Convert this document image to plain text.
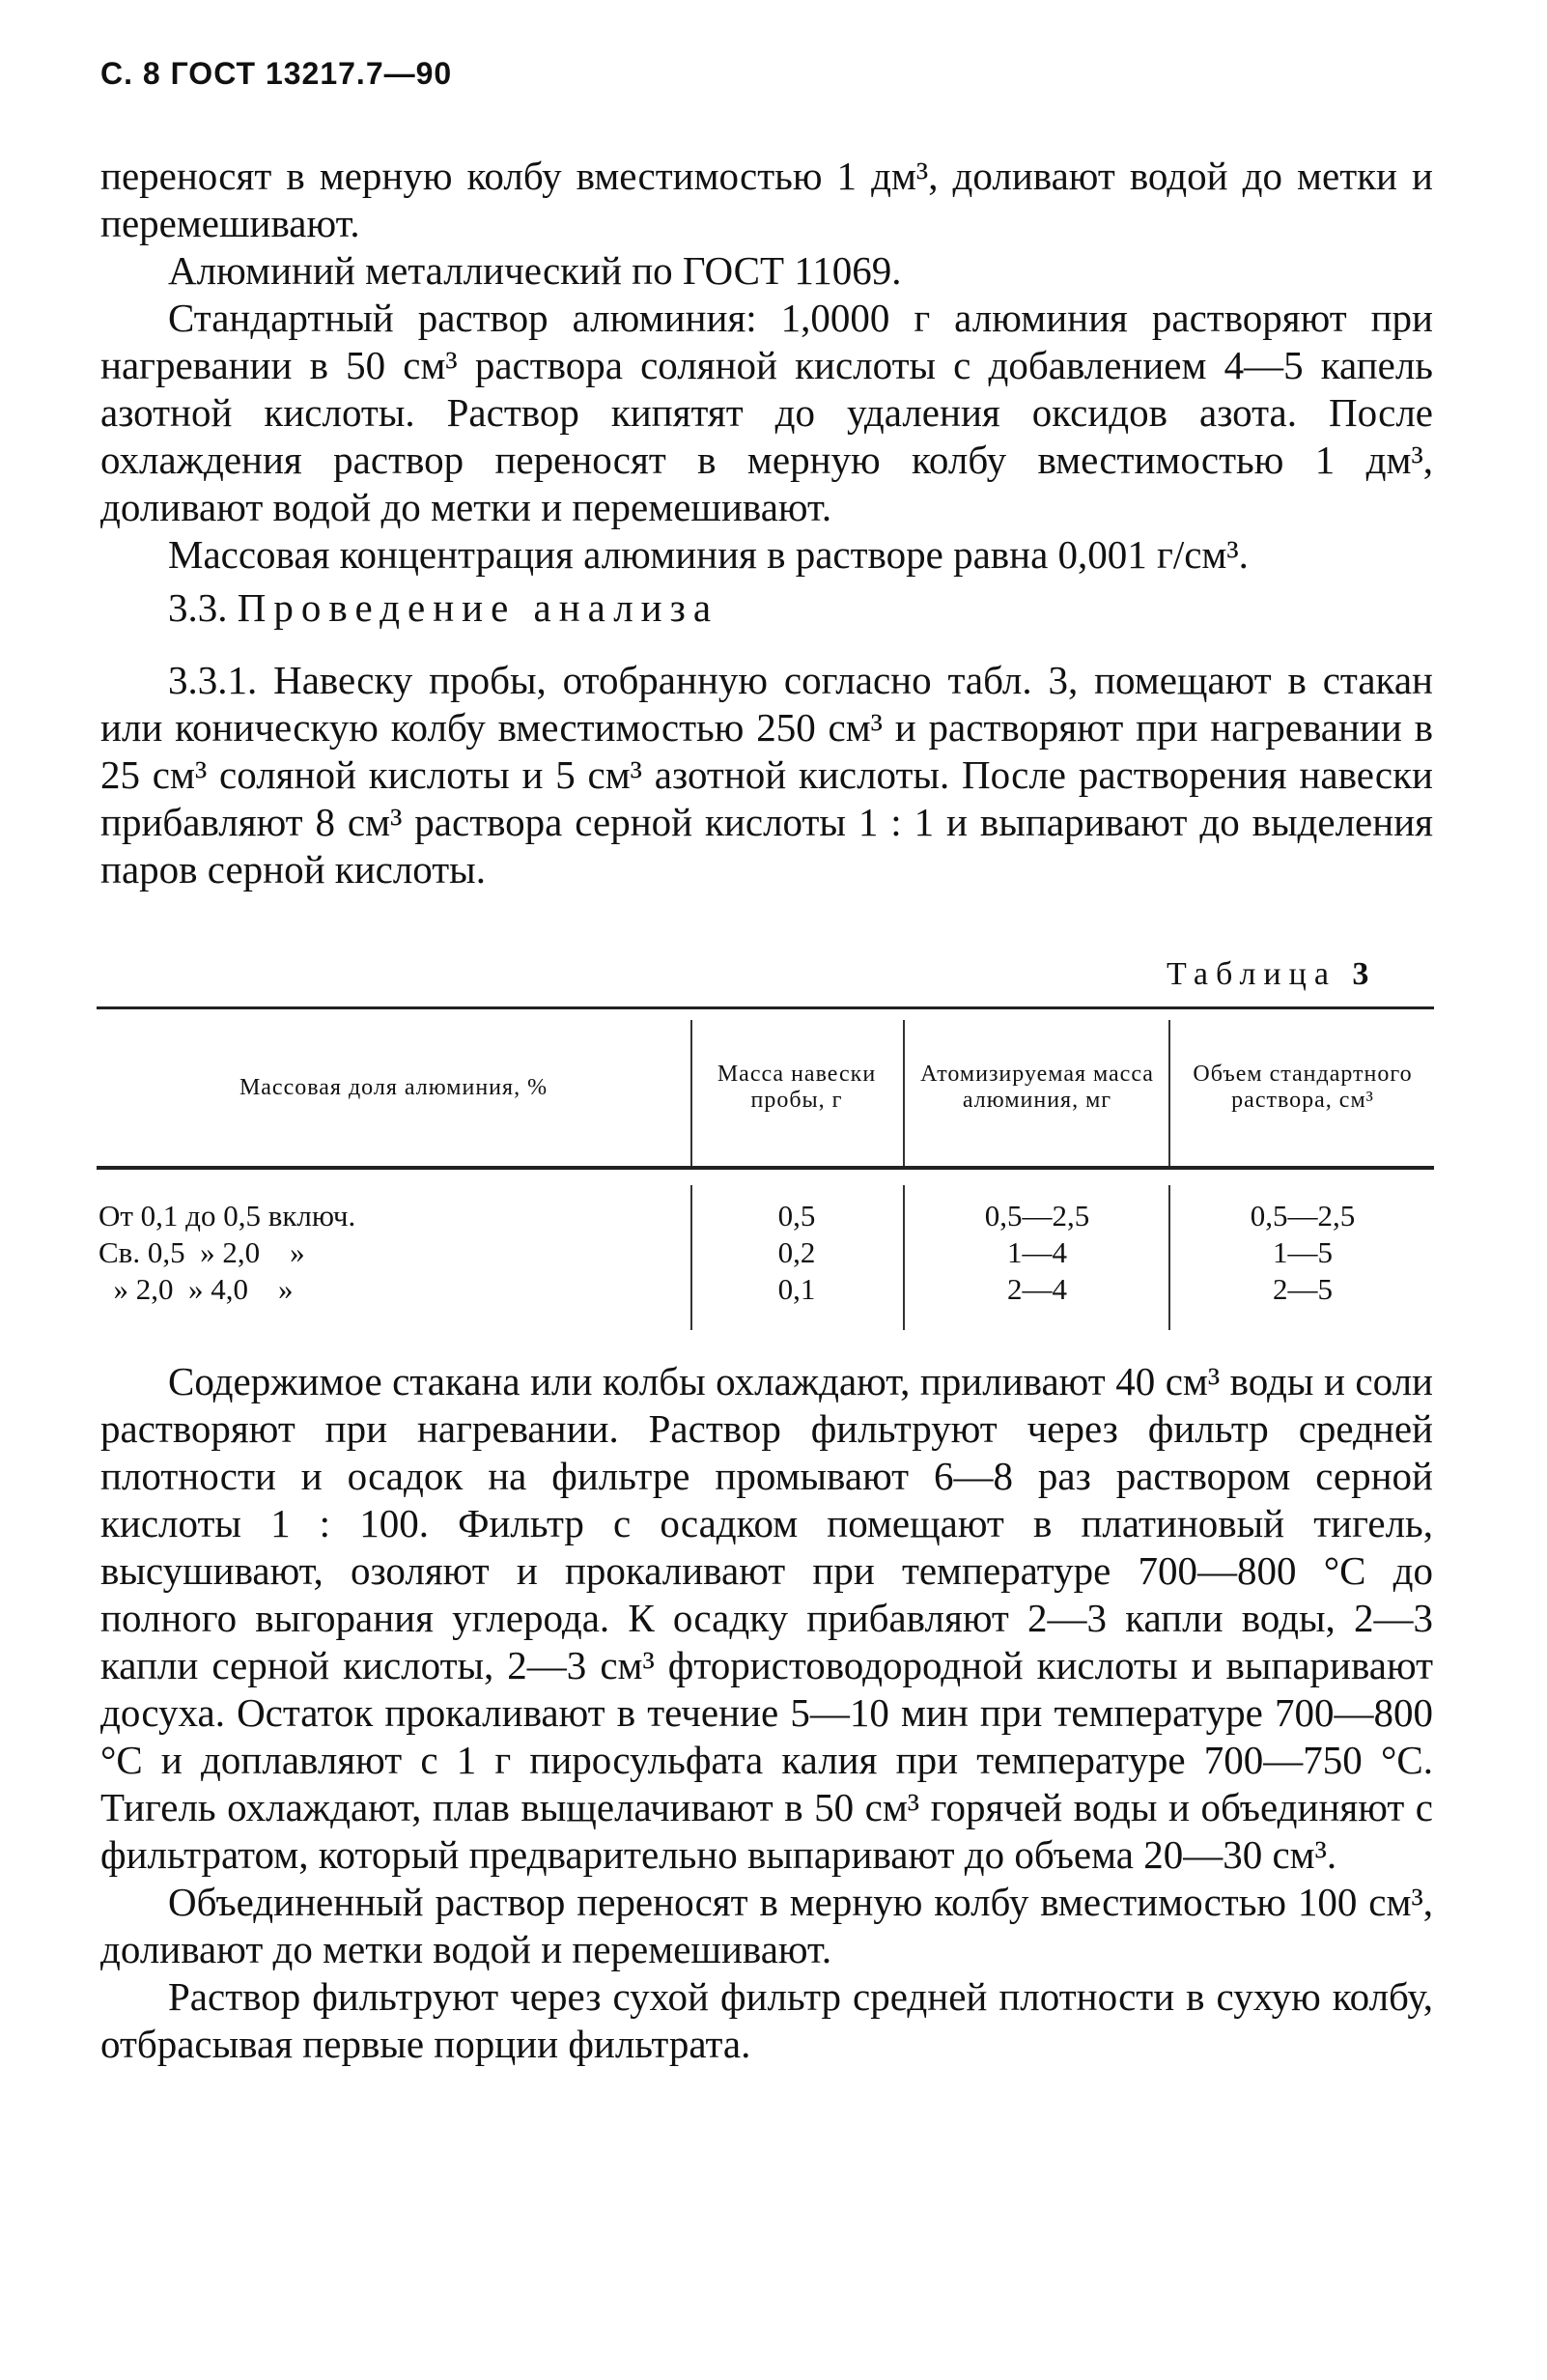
С. 8 ГОСТ 13217.7—90

переносят в мерную колбу вместимостью 1 дм³, доливают водой до метки и перемешивают.

Алюминий металлический по ГОСТ 11069.

Стандартный раствор алюминия: 1,0000 г алюминия растворяют при нагревании в 50 см³ раствора соляной кислоты с добавлением 4—5 капель азотной кислоты. Раствор кипятят до удаления оксидов азота. После охлаждения раствор переносят в мерную колбу вместимостью 1 дм³, доливают водой до метки и перемешивают.

Массовая концентрация алюминия в растворе равна 0,001 г/см³.

3.3. Проведение анализа

3.3.1. Навеску пробы, отобранную согласно табл. 3, помещают в стакан или коническую колбу вместимостью 250 см³ и растворяют при нагревании в 25 см³ соляной кислоты и 5 см³ азотной кислоты. После растворения навески прибавляют 8 см³ раствора серной кислоты 1 : 1 и выпаривают до выделения паров серной кислоты.

Таблица 3
Массовая доля алюминия, %
Масса навески пробы, г
Атомизируемая масса алюминия, мг
Объем стандартного раствора, см³
От 0,1 до 0,5 включ.
Св. 0,5  » 2,0    »
» 2,0  » 4,0    »
0,5
0,2
0,1
0,5—2,5
1—4
2—4
0,5—2,5
1—5
2—5

Содержимое стакана или колбы охлаждают, приливают 40 см³ воды и соли растворяют при нагревании. Раствор фильтруют через фильтр средней плотности и осадок на фильтре промывают 6—8 раз раствором серной кислоты 1 : 100. Фильтр с осадком помещают в платиновый тигель, высушивают, озоляют и прокаливают при температуре 700—800 °С до полного выгорания углерода. К осадку прибавляют 2—3 капли воды, 2—3 капли серной кислоты, 2—3 см³ фтористоводородной кислоты и выпаривают досуха. Остаток прокаливают в течение 5—10 мин при температуре 700—800 °С и доплавляют с 1 г пиросульфата калия при температуре 700—750 °С. Тигель охлаждают, плав выщелачивают в 50 см³ горячей воды и объединяют с фильтратом, который предварительно выпаривают до объема 20—30 см³.

Объединенный раствор переносят в мерную колбу вместимостью 100 см³, доливают до метки водой и перемешивают.

Раствор фильтруют через сухой фильтр средней плотности в сухую колбу, отбрасывая первые порции фильтрата.
